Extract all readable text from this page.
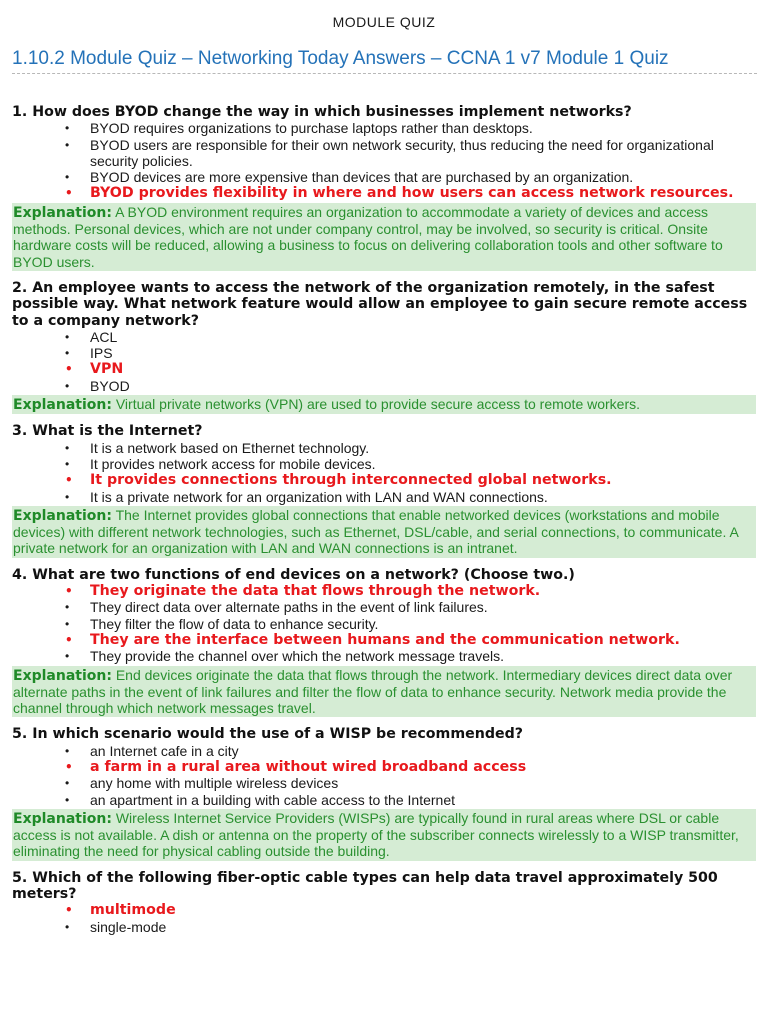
MODULE QUIZ
1.10.2 Module Quiz – Networking Today Answers – CCNA 1 v7 Module 1 Quiz

1. How does BYOD change the way in which businesses implement networks?

• BYOD requires organizations to purchase laptops rather than desktops.
• BYOD users are responsible for their own network security, thus reducing the need for organizational security policies.
• BYOD devices are more expensive than devices that are purchased by an organization.
• BYOD provides flexibility in where and how users can access network resources.
Explanation: A BYOD environment requires an organization to accommodate a variety of devices and access methods. Personal devices, which are not under company control, may be involved, so security is critical. Onsite hardware costs will be reduced, allowing a business to focus on delivering collaboration tools and other software to BYOD users.

2. An employee wants to access the network of the organization remotely, in the safest possible way. What network feature would allow an employee to gain secure remote access to a company network?

• ACL
• IPS
• VPN
• BYOD
Explanation: Virtual private networks (VPN) are used to provide secure access to remote workers.

3. What is the Internet?

• It is a network based on Ethernet technology.
• It provides network access for mobile devices.
• It provides connections through interconnected global networks.
• It is a private network for an organization with LAN and WAN connections.
Explanation: The Internet provides global connections that enable networked devices (workstations and mobile devices) with different network technologies, such as Ethernet, DSL/cable, and serial connections, to communicate. A private network for an organization with LAN and WAN connections is an intranet.

4. What are two functions of end devices on a network? (Choose two.)

• They originate the data that flows through the network.
• They direct data over alternate paths in the event of link failures.
• They filter the flow of data to enhance security.
• They are the interface between humans and the communication network.
• They provide the channel over which the network message travels.
Explanation: End devices originate the data that flows through the network. Intermediary devices direct data over alternate paths in the event of link failures and filter the flow of data to enhance security. Network media provide the channel through which network messages travel.

5. In which scenario would the use of a WISP be recommended?

• an Internet cafe in a city
• a farm in a rural area without wired broadband access
• any home with multiple wireless devices
• an apartment in a building with cable access to the Internet
Explanation: Wireless Internet Service Providers (WISPs) are typically found in rural areas where DSL or cable access is not available. A dish or antenna on the property of the subscriber connects wirelessly to a WISP transmitter, eliminating the need for physical cabling outside the building.

5. Which of the following fiber-optic cable types can help data travel approximately 500 meters?

• multimode
• single-mode
